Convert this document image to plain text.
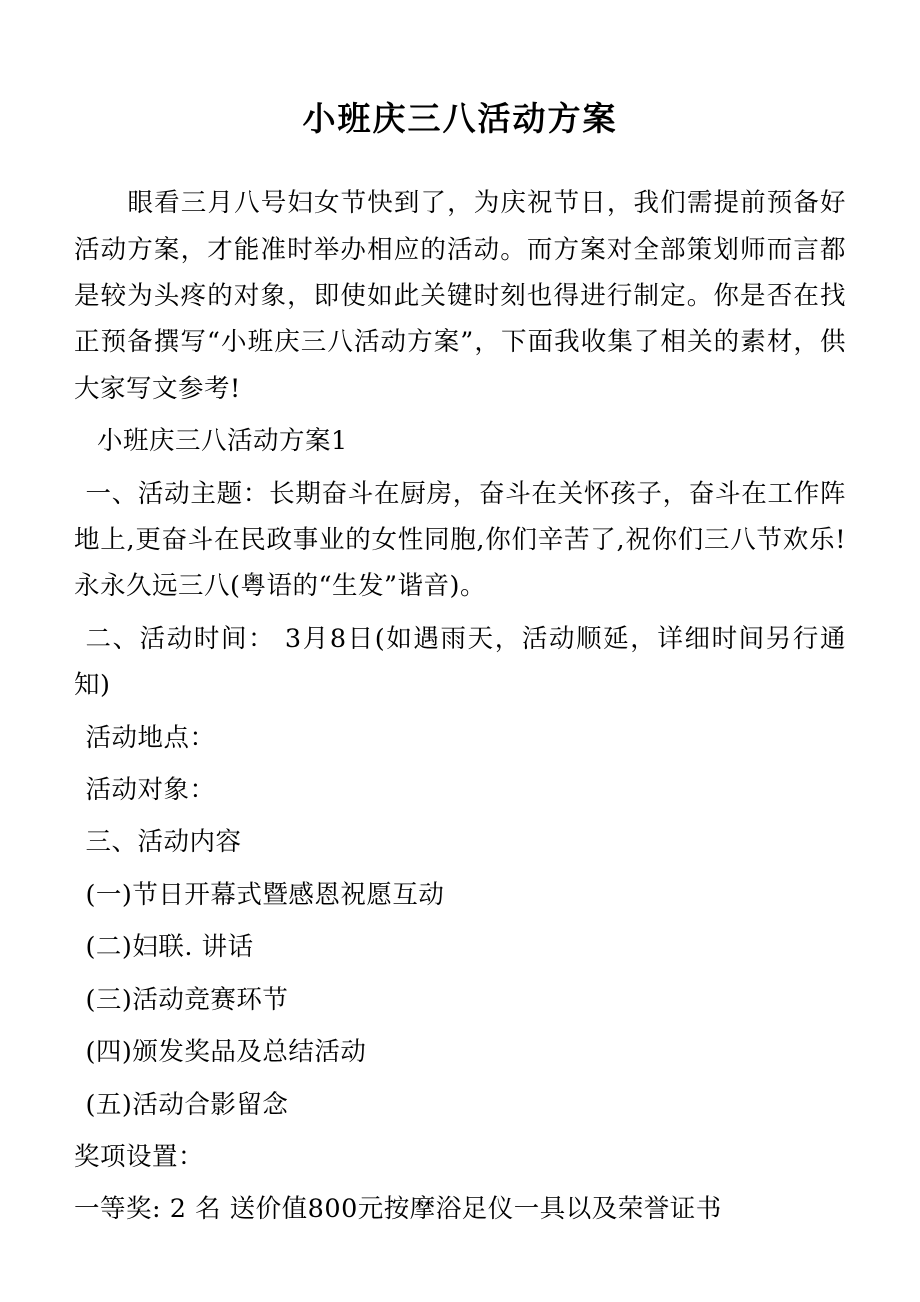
小班庆三八活动方案

眼看三月八号妇女节快到了，为庆祝节日，我们需提前预备好活动方案，才能准时举办相应的活动。而方案对全部策划师而言都是较为头疼的对象，即使如此关键时刻也得进行制定。你是否在找正预备撰写“小班庆三八活动方案”，下面我收集了相关的素材，供大家写文参考!

小班庆三八活动方案1

一、活动主题：长期奋斗在厨房，奋斗在关怀孩子，奋斗在工作阵地上,更奋斗在民政事业的女性同胞,你们辛苦了,祝你们三八节欢乐!永永久远三八(粤语的“生发”谐音)。

二、活动时间： 3月8日(如遇雨天，活动顺延，详细时间另行通知)

活动地点：

活动对象：

三、活动内容

(一)节日开幕式暨感恩祝愿互动

(二)妇联. 讲话

(三)活动竞赛环节

(四)颁发奖品及总结活动

(五)活动合影留念

奖项设置：

一等奖: 2 名 送价值800元按摩浴足仪一具以及荣誉证书
